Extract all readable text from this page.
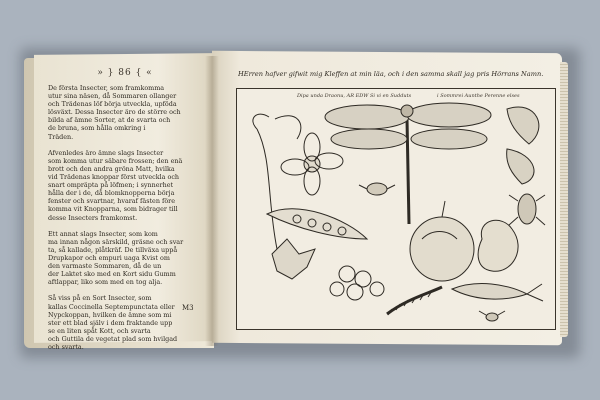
» } 86 { «
De första Insecter, som framkomma
utur sina näsen, då Sommaren ollanger
och Trädenas löf börja utveckla, upföda
lösväxt. Dessa Insecter äro de större och
bilda af ämne Sorter, at de svarta och
de bruna, som hålla omkring i
Träden.

Afvenledes äro ämne slags Insecter
som komma utur säbare frossen; den enä
brott och den andra gröna Matt, hvilka
vid Trädenas knoppar först utveckla och
snart ompräpta på löfmen; i synnerhet
hålla der i de, då blomknopperna börja
fenster och svartnar, hvaraf fästen före
komma vit Knopparna, som bidrager till
desse Insecters framkomst.

Ett annat slags Insecter, som kom
ma innan någon särskild, gräsne och svar
ta, så kallade, plåtkräf. De tillväxa uppå
Drupkapor och empuri uaga Kvist om
den varmaste Sommaren, då de un
der Laktet sko med en Kort sidu Gumm
aftlappar, liko som med en tog alja.

Så viss på en Sort Insecter, som
kallas Coccinella Septempunctata eller
Nypckoppan, hvilken de ämne som mi
ster ett blad själv i dem fraktande upp
se en liten spåt Kott, och svarta
och Guttila de vegetat plad som hvilgad
och svarta.
M3
HErren hafver gifwit mig Kleffen at min läa, och i den samma skall jag pris Hörrans Namn.
Dipa unda Draonu, AR EDW Si vi en Sudduts	i Sommrei Aunthe Perenne elses
